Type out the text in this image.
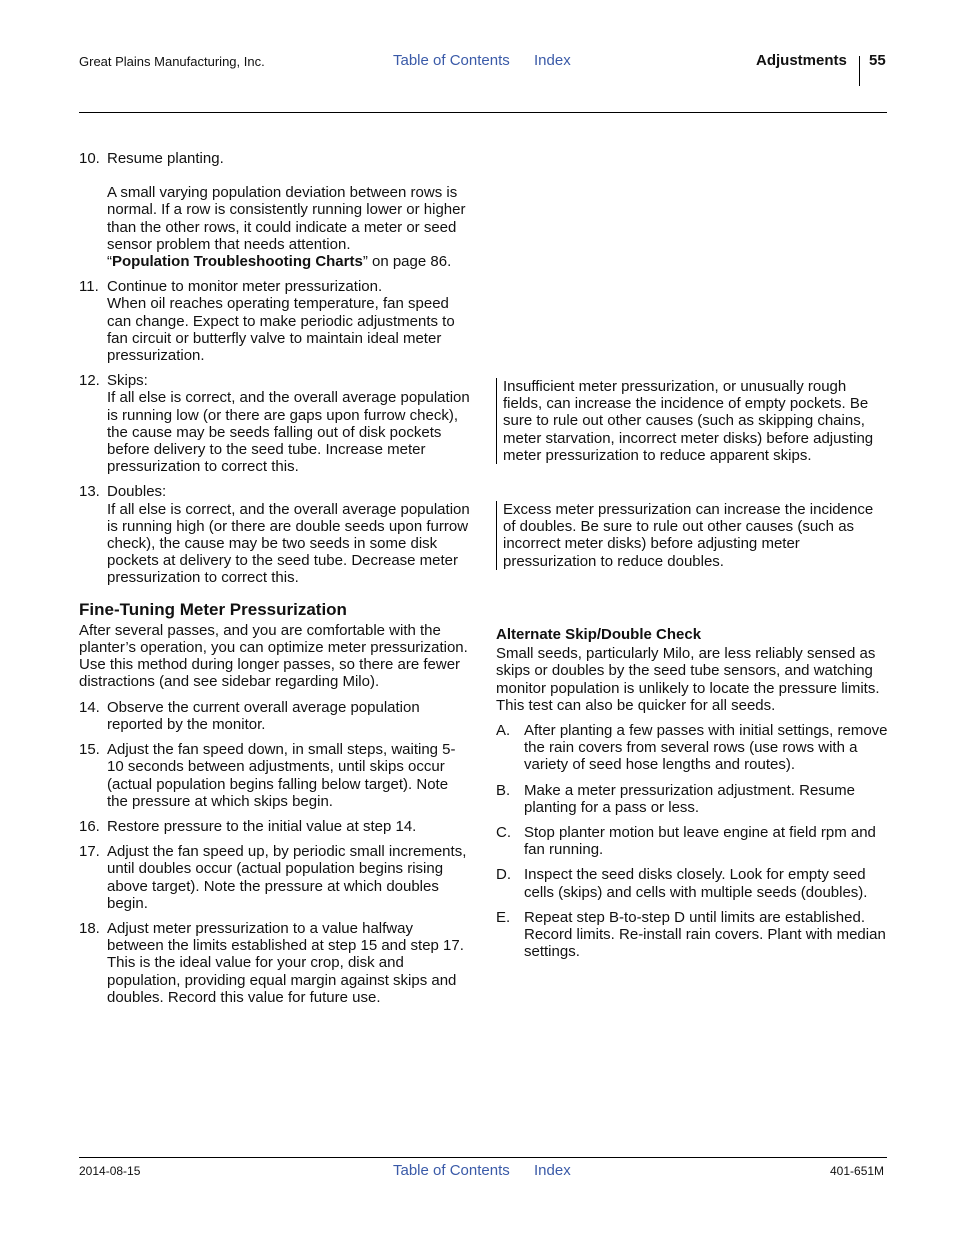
Great Plains Manufacturing, Inc.	Table of Contents Index	Adjustments 55
10. Resume planting.
A small varying population deviation between rows is normal. If a row is consistently running lower or higher than the other rows, it could indicate a meter or seed sensor problem that needs attention.
“Population Troubleshooting Charts” on page 86.
11. Continue to monitor meter pressurization.
When oil reaches operating temperature, fan speed can change. Expect to make periodic adjustments to fan circuit or butterfly valve to maintain ideal meter pressurization.
12. Skips:
If all else is correct, and the overall average population is running low (or there are gaps upon furrow check), the cause may be seeds falling out of disk pockets before delivery to the seed tube. Increase meter pressurization to correct this.
13. Doubles:
If all else is correct, and the overall average population is running high (or there are double seeds upon furrow check), the cause may be two seeds in some disk pockets at delivery to the seed tube. Decrease meter pressurization to correct this.
Fine-Tuning Meter Pressurization
After several passes, and you are comfortable with the planter’s operation, you can optimize meter pressurization. Use this method during longer passes, so there are fewer distractions (and see sidebar regarding Milo).
14. Observe the current overall average population reported by the monitor.
15. Adjust the fan speed down, in small steps, waiting 5-10 seconds between adjustments, until skips occur (actual population begins falling below target). Note the pressure at which skips begin.
16. Restore pressure to the initial value at step 14.
17. Adjust the fan speed up, by periodic small increments, until doubles occur (actual population begins rising above target). Note the pressure at which doubles begin.
18. Adjust meter pressurization to a value halfway between the limits established at step 15 and step 17. This is the ideal value for your crop, disk and population, providing equal margin against skips and doubles. Record this value for future use.
Insufficient meter pressurization, or unusually rough fields, can increase the incidence of empty pockets. Be sure to rule out other causes (such as skipping chains, meter starvation, incorrect meter disks) before adjusting meter pressurization to reduce apparent skips.
Excess meter pressurization can increase the incidence of doubles. Be sure to rule out other causes (such as incorrect meter disks) before adjusting meter pressurization to reduce doubles.
Alternate Skip/Double Check
Small seeds, particularly Milo, are less reliably sensed as skips or doubles by the seed tube sensors, and watching monitor population is unlikely to locate the pressure limits. This test can also be quicker for all seeds.
A. After planting a few passes with initial settings, remove the rain covers from several rows (use rows with a variety of seed hose lengths and routes).
B. Make a meter pressurization adjustment. Resume planting for a pass or less.
C. Stop planter motion but leave engine at field rpm and fan running.
D. Inspect the seed disks closely. Look for empty seed cells (skips) and cells with multiple seeds (doubles).
E. Repeat step B-to-step D until limits are established. Record limits. Re-install rain covers. Plant with median settings.
2014-08-15	Table of Contents Index	401-651M
